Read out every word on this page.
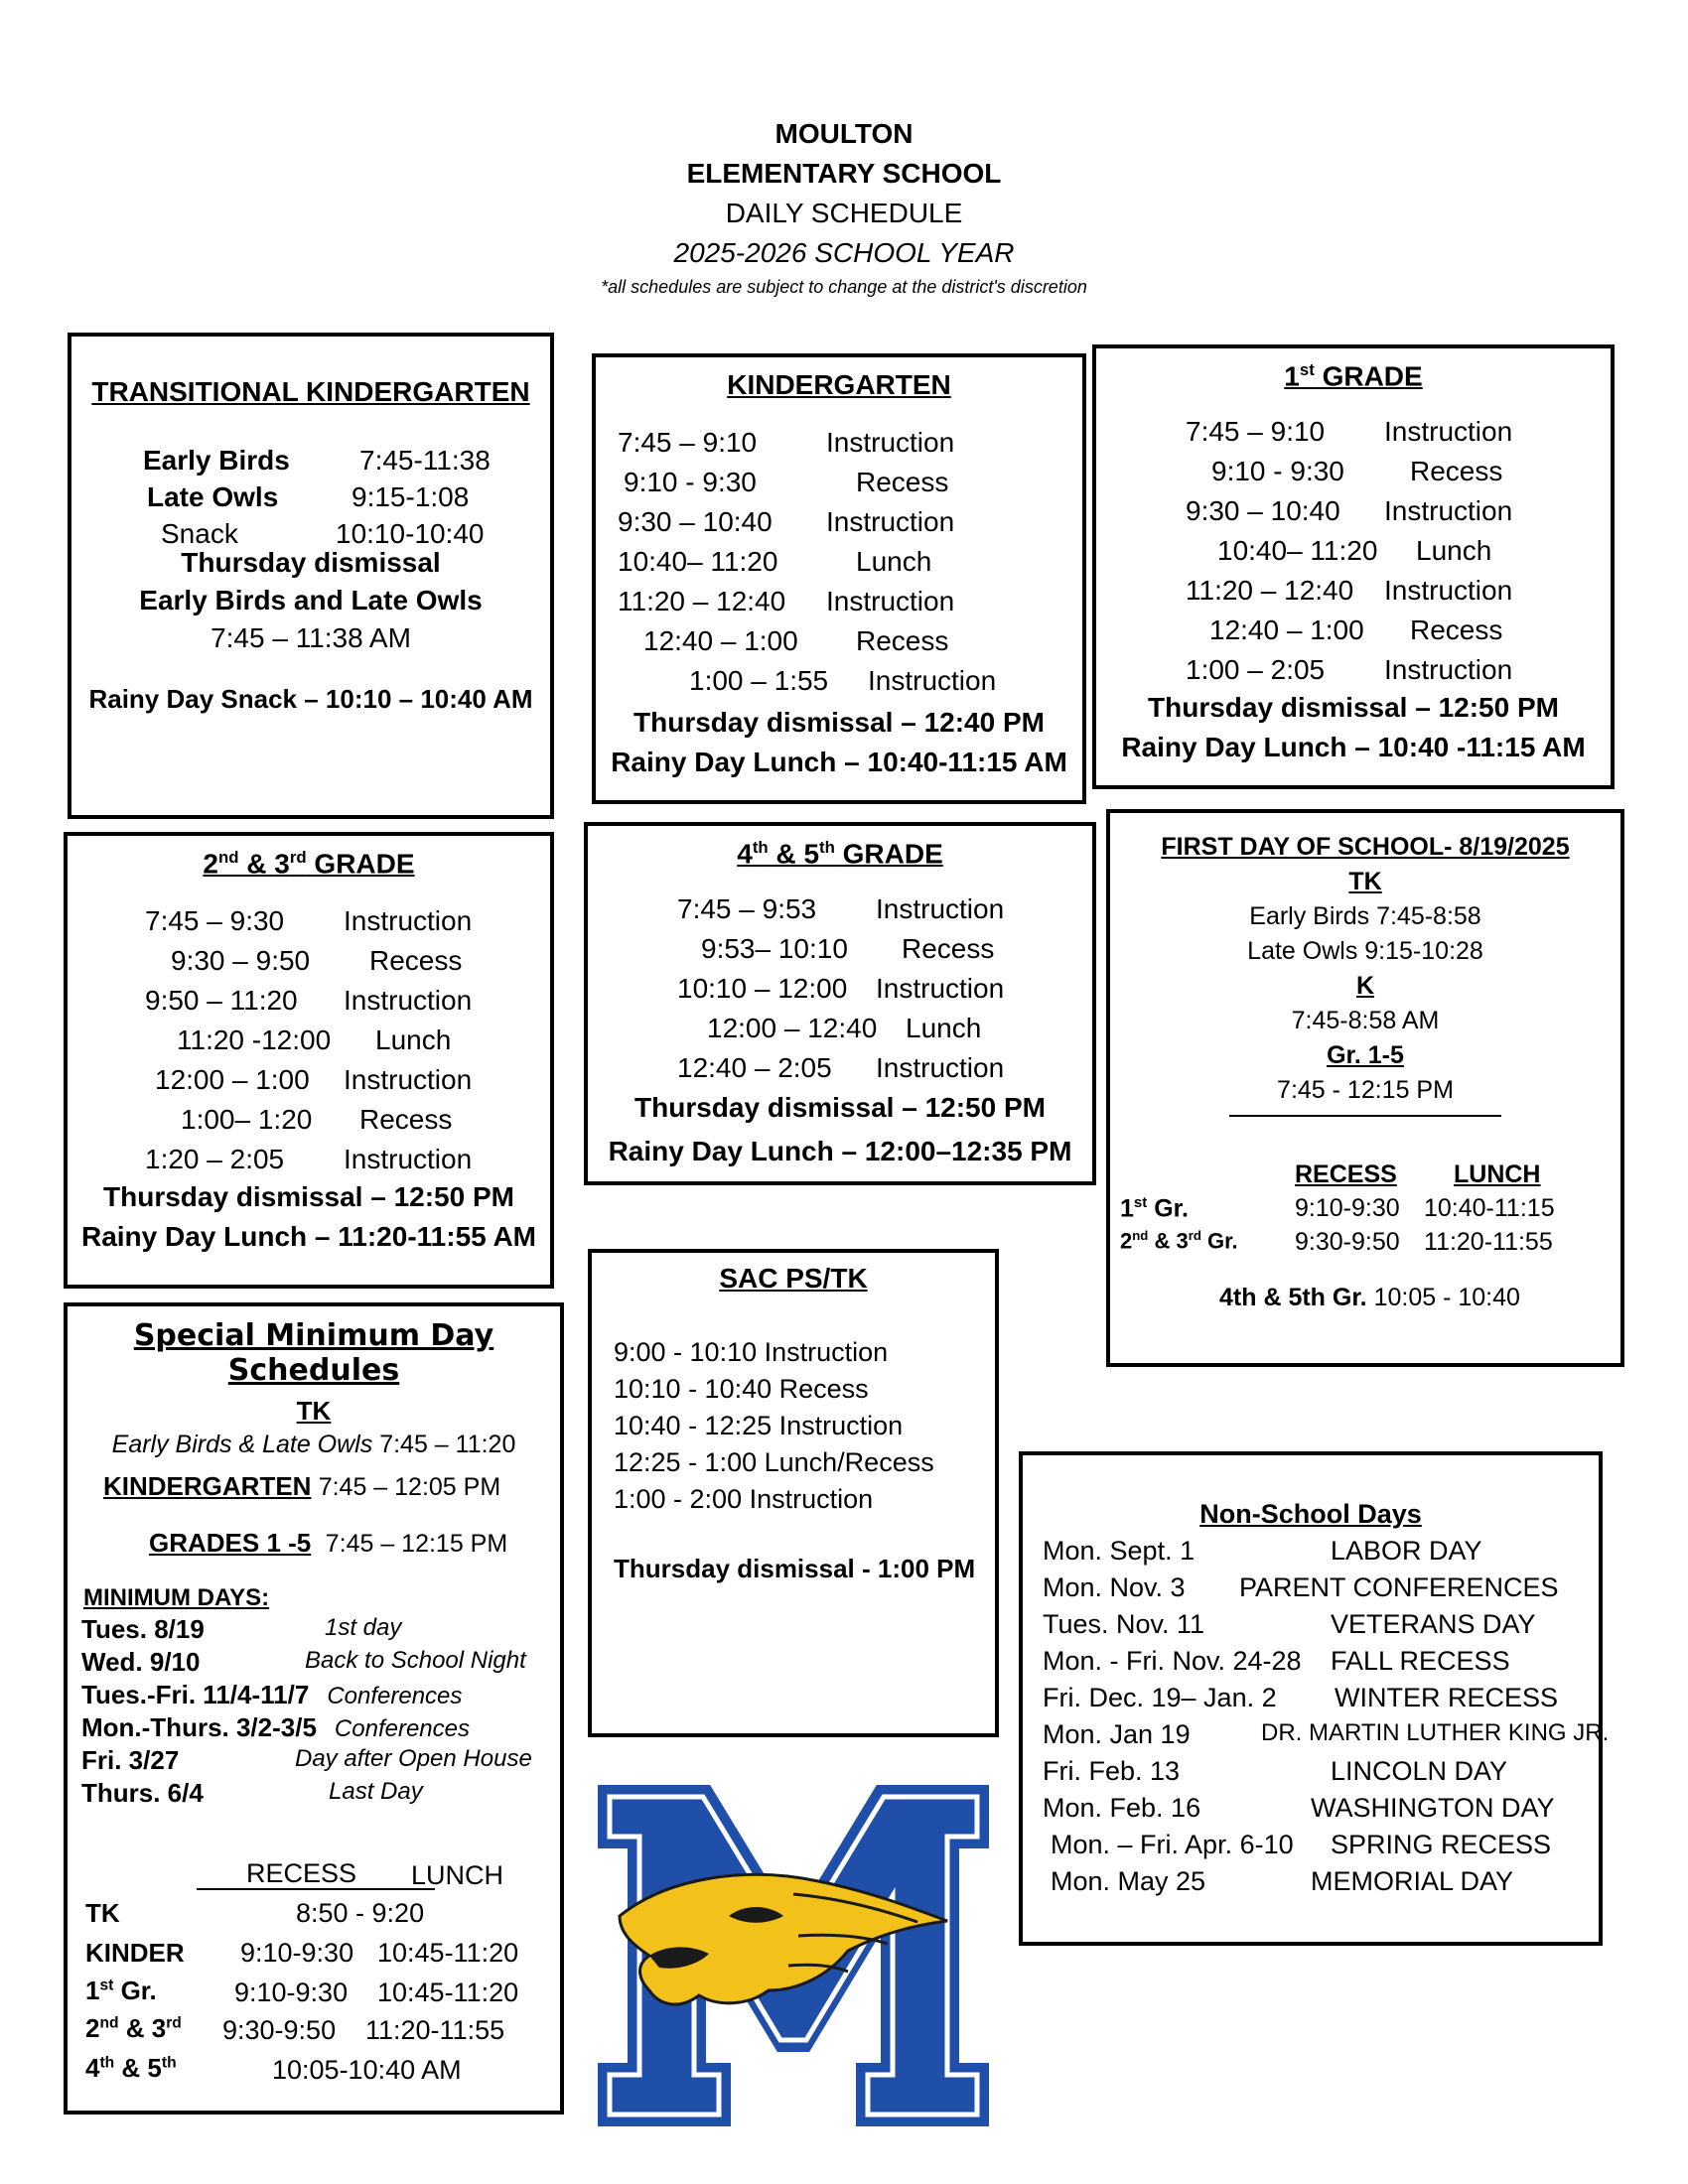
MOULTON
ELEMENTARY SCHOOL
DAILY SCHEDULE
2025-2026 SCHOOL YEAR
*all schedules are subject to change at the district's discretion
TRANSITIONAL KINDERGARTEN
Early Birds	7:45-11:38
Late Owls	9:15-1:08
Snack	10:10-10:40
Thursday dismissal
Early Birds and Late Owls
7:45 – 11:38 AM
Rainy Day Snack – 10:10 – 10:40 AM
KINDERGARTEN
7:45 – 9:10	Instruction
9:10 - 9:30	Recess
9:30 – 10:40	Instruction
10:40– 11:20	Lunch
11:20 – 12:40	Instruction
12:40 – 1:00	Recess
1:00 – 1:55	Instruction
Thursday dismissal – 12:40 PM
Rainy Day Lunch – 10:40-11:15 AM
1st GRADE
7:45 – 9:10	Instruction
9:10 - 9:30	Recess
9:30 – 10:40	Instruction
10:40– 11:20	Lunch
11:20 – 12:40	Instruction
12:40 – 1:00	Recess
1:00 – 2:05	Instruction
Thursday dismissal – 12:50 PM
Rainy Day Lunch – 10:40 -11:15 AM
2nd & 3rd GRADE
7:45 – 9:30	Instruction
9:30 – 9:50	Recess
9:50 – 11:20	Instruction
11:20 -12:00	Lunch
12:00 – 1:00	Instruction
1:00– 1:20	Recess
1:20 – 2:05	Instruction
Thursday dismissal – 12:50 PM
Rainy Day Lunch – 11:20-11:55 AM
4th & 5th GRADE
7:45 – 9:53	Instruction
9:53– 10:10	Recess
10:10 – 12:00	Instruction
12:00 – 12:40	Lunch
12:40 – 2:05	Instruction
Thursday dismissal – 12:50 PM
Rainy Day Lunch – 12:00–12:35 PM
FIRST DAY OF SCHOOL- 8/19/2025
TK
Early Birds 7:45-8:58
Late Owls 9:15-10:28
K
7:45-8:58 AM
Gr. 1-5
7:45 - 12:15 PM
RECESS LUNCH
1st Gr.	9:10-9:30 10:40-11:15
2nd & 3rd Gr. 9:30-9:50 11:20-11:55
4th & 5th Gr. 10:05 - 10:40
Special Minimum Day
Schedules
TK
Early Birds & Late Owls 7:45 – 11:20
KINDERGARTEN 7:45 – 12:05 PM
GRADES 1 -5 7:45 – 12:15 PM
MINIMUM DAYS:
Tues. 8/19	1st day
Wed. 9/10	Back to School Night
Tues.-Fri. 11/4-11/7 Conferences
Mon.-Thurs. 3/2-3/5 Conferences
Fri. 3/27	Day after Open House
Thurs. 6/4	Last Day
RECESS LUNCH
TK	8:50 - 9:20
KINDER 9:10-9:30 10:45-11:20
1st Gr.	9:10-9:30 10:45-11:20
2nd & 3rd 9:30-9:50 11:20-11:55
4th & 5th	10:05-10:40 AM
SAC PS/TK
9:00 - 10:10 Instruction
10:10 - 10:40 Recess
10:40 - 12:25 Instruction
12:25 - 1:00 Lunch/Recess
1:00 - 2:00 Instruction
Thursday dismissal - 1:00 PM
Non-School Days
Mon. Sept. 1	LABOR DAY
Mon. Nov. 3	PARENT CONFERENCES
Tues. Nov. 11	VETERANS DAY
Mon. - Fri. Nov. 24-28	FALL RECESS
Fri. Dec. 19– Jan. 2	WINTER RECESS
Mon. Jan 19	DR. MARTIN LUTHER KING JR.
Fri. Feb. 13	LINCOLN DAY
Mon. Feb. 16	WASHINGTON DAY
Mon. – Fri. Apr. 6-10	SPRING RECESS
Mon. May 25	MEMORIAL DAY
